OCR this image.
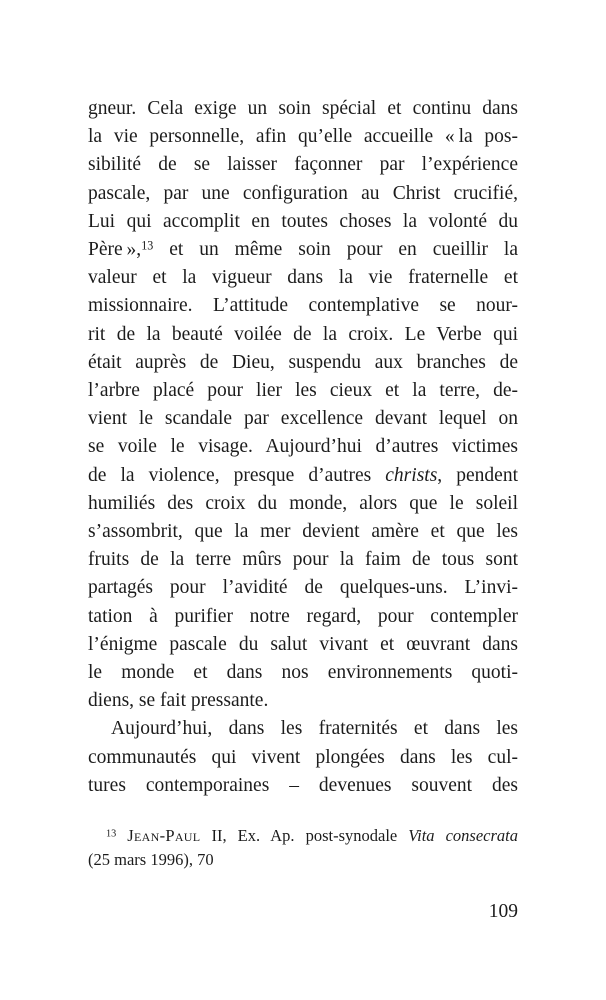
gneur. Cela exige un soin spécial et continu dans
la vie personnelle, afin qu’elle accueille « la pos-
sibilité de se laisser façonner par l’expérience
pascale, par une configuration au Christ crucifié,
Lui qui accomplit en toutes choses la volonté du
Père »,$^{13}$ et un même soin pour en cueillir la
valeur et la vigueur dans la vie fraternelle et
missionnaire. L’attitude contemplative se nour-
rit de la beauté voilée de la croix. Le Verbe qui
était auprès de Dieu, suspendu aux branches de
l’arbre placé pour lier les cieux et la terre, de-
vient le scandale par excellence devant lequel on
se voile le visage. Aujourd’hui d’autres victimes
de la violence, presque d’autres christs, pendent
humiliés des croix du monde, alors que le soleil
s’assombrit, que la mer devient amère et que les
fruits de la terre mûrs pour la faim de tous sont
partagés pour l’avidité de quelques-uns. L’invi-
tation à purifier notre regard, pour contempler
l’énigme pascale du salut vivant et œuvrant dans
le monde et dans nos environnements quoti-
diens, se fait pressante.
Aujourd’hui, dans les fraternités et dans les
communautés qui vivent plongées dans les cul-
tures contemporaines – devenues souvent des
$^{13}$ Jean-Paul II, Ex. Ap. post-synodale Vita consecrata
(25 mars 1996), 70
109
